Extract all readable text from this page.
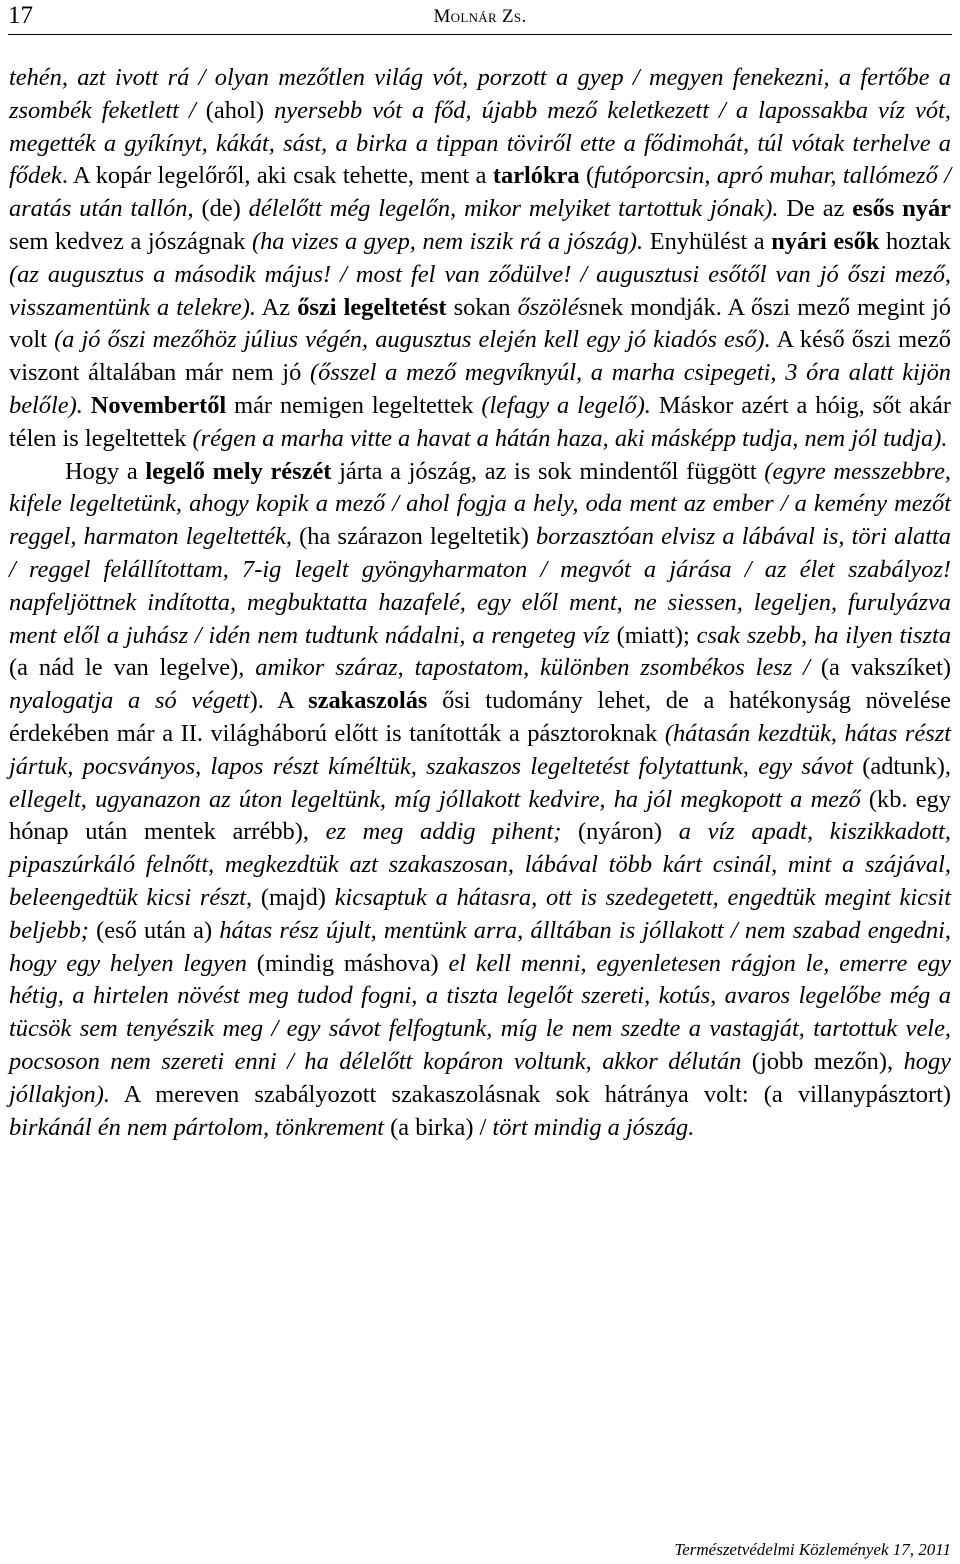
17	Molnár Zs.

tehén, azt ivott rá / olyan mezőtlen világ vót, porzott a gyep / megyen fenekezni, a fertőbe a zsombék feketlett / (ahol) nyersebb vót a főd, újabb mező keletkezett / a lapossakba víz vót, megették a gyíkínyt, kákát, sást, a birka a tippan töviről ette a fődimohát, túl vótak terhelve a fődek. A kopár legelőről, aki csak tehette, ment a tarlókra (futóporcsin, apró muhar, tallómező / aratás után tallón, (de) délelőtt még legelőn, mikor melyiket tartottuk jónak). De az esős nyár sem kedvez a jószágnak (ha vizes a gyep, nem iszik rá a jószág). Enyhülést a nyári esők hoztak (az augusztus a második május! / most fel van ződülve! / augusztusi esőtől van jó őszi mező, visszamentünk a telekre). Az őszi legeltetést sokan őszölésnek mondják. A őszi mező megint jó volt (a jó őszi mezőhöz július végén, augusztus elején kell egy jó kiadós eső). A késő őszi mező viszont általában már nem jó (ősszel a mező megvíknyúl, a marha csipegeti, 3 óra alatt kijön belőle). Novembertől már nemigen legeltettek (lefagy a legelő). Máskor azért a hóig, sőt akár télen is legeltettek (régen a marha vitte a havat a hátán haza, aki másképp tudja, nem jól tudja).

Hogy a legelő mely részét járta a jószág, az is sok mindentől függött (egyre messzebbre, kifele legeltetünk, ahogy kopik a mező / ahol fogja a hely, oda ment az ember / a kemény mezőt reggel, harmaton legeltették, (ha szárazon legeltetik) borzasztóan elvisz a lábával is, töri alatta / reggel felállítottam, 7-ig legelt gyöngyharmaton / megvót a járása / az élet szabályoz! napfeljöttnek indította, megbuktatta hazafelé, egy elől ment, ne siessen, legeljen, furulyázva ment elől a juhász / idén nem tudtunk nádalni, a rengeteg víz (miatt); csak szebb, ha ilyen tiszta (a nád le van legelve), amikor száraz, tapostatom, különben zsombékos lesz / (a vakszíket) nyalogatja a só végett). A szakaszolás ősi tudomány lehet, de a hatékonyság növelése érdekében már a II. világháború előtt is tanították a pásztoroknak (hátasán kezdtük, hátas részt jártuk, pocsványos, lapos részt kíméltük, szakaszos legeltetést folytattunk, egy sávot (adtunk), ellegelt, ugyanazon az úton legeltünk, míg jóllakott kedvire, ha jól megkopott a mező (kb. egy hónap után mentek arrébb), ez meg addig pihent; (nyáron) a víz apadt, kiszikkadott, pipaszúrkáló felnőtt, megkezdtük azt szakaszosan, lábával több kárt csinál, mint a szájával, beleengedtük kicsi részt, (majd) kicsaptuk a hátasra, ott is szedegetett, engedtük megint kicsit beljebb; (eső után a) hátas rész újult, mentünk arra, álltában is jóllakott / nem szabad engedni, hogy egy helyen legyen (mindig máshova) el kell menni, egyenletesen rágjon le, emerre egy hétig, a hirtelen növést meg tudod fogni, a tiszta legelőt szereti, kotús, avaros legelőbe még a tücsök sem tenyészik meg / egy sávot felfogtunk, míg le nem szedte a vastagját, tartottuk vele, pocsoson nem szereti enni / ha délelőtt kopáron voltunk, akkor délután (jobb mezőn), hogy jóllakjon). A mereven szabályozott szakaszolásnak sok hátránya volt: (a villanypásztort) birkánál én nem pártolom, tönkrement (a birka) / tört mindig a jószág.

Természetvédelmi Közlemények 17, 2011
